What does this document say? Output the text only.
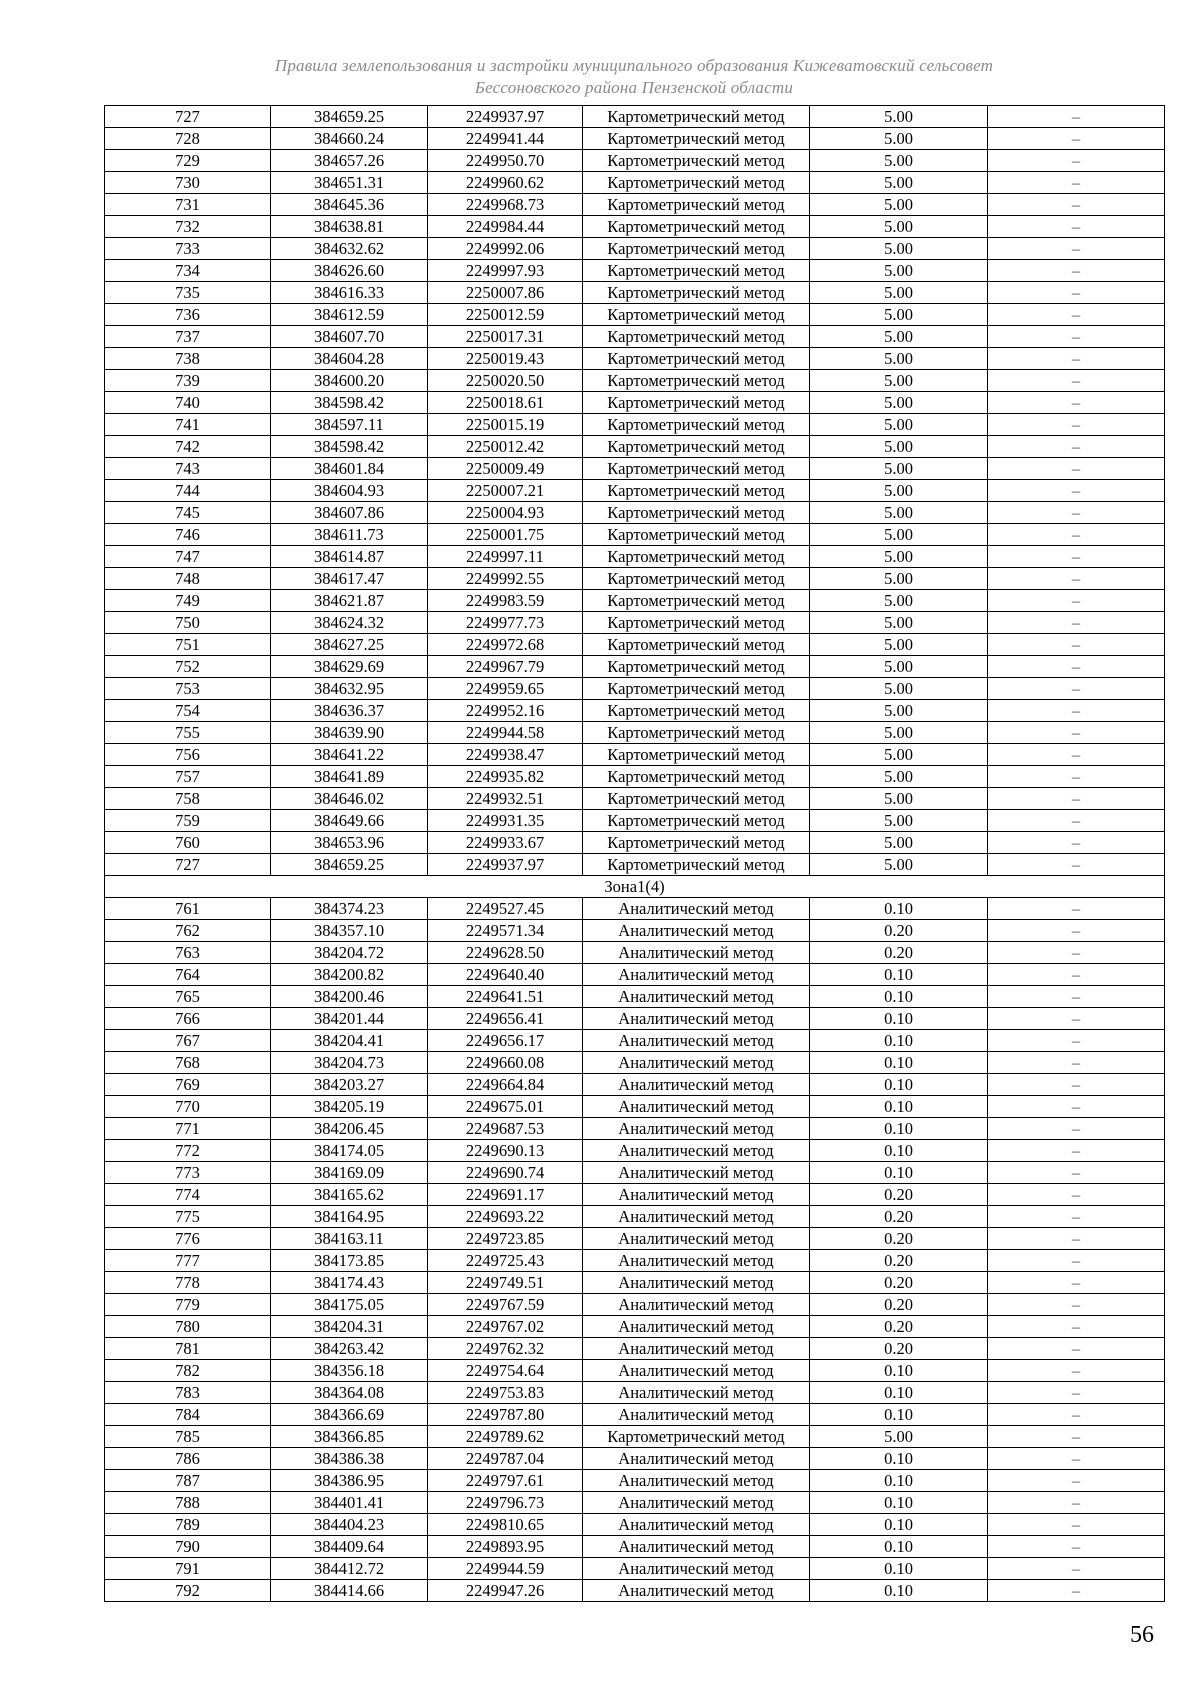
Правила землепользования и застройки муниципального образования Кижеватовский сельсовет
Бессоновского района Пензенской области
727	384659.25	2249937.97	Картометрический метод	5.00	–
728	384660.24	2249941.44	Картометрический метод	5.00	–
729	384657.26	2249950.70	Картометрический метод	5.00	–
730	384651.31	2249960.62	Картометрический метод	5.00	–
731	384645.36	2249968.73	Картометрический метод	5.00	–
732	384638.81	2249984.44	Картометрический метод	5.00	–
733	384632.62	2249992.06	Картометрический метод	5.00	–
734	384626.60	2249997.93	Картометрический метод	5.00	–
735	384616.33	2250007.86	Картометрический метод	5.00	–
736	384612.59	2250012.59	Картометрический метод	5.00	–
737	384607.70	2250017.31	Картометрический метод	5.00	–
738	384604.28	2250019.43	Картометрический метод	5.00	–
739	384600.20	2250020.50	Картометрический метод	5.00	–
740	384598.42	2250018.61	Картометрический метод	5.00	–
741	384597.11	2250015.19	Картометрический метод	5.00	–
742	384598.42	2250012.42	Картометрический метод	5.00	–
743	384601.84	2250009.49	Картометрический метод	5.00	–
744	384604.93	2250007.21	Картометрический метод	5.00	–
745	384607.86	2250004.93	Картометрический метод	5.00	–
746	384611.73	2250001.75	Картометрический метод	5.00	–
747	384614.87	2249997.11	Картометрический метод	5.00	–
748	384617.47	2249992.55	Картометрический метод	5.00	–
749	384621.87	2249983.59	Картометрический метод	5.00	–
750	384624.32	2249977.73	Картометрический метод	5.00	–
751	384627.25	2249972.68	Картометрический метод	5.00	–
752	384629.69	2249967.79	Картометрический метод	5.00	–
753	384632.95	2249959.65	Картометрический метод	5.00	–
754	384636.37	2249952.16	Картометрический метод	5.00	–
755	384639.90	2249944.58	Картометрический метод	5.00	–
756	384641.22	2249938.47	Картометрический метод	5.00	–
757	384641.89	2249935.82	Картометрический метод	5.00	–
758	384646.02	2249932.51	Картометрический метод	5.00	–
759	384649.66	2249931.35	Картометрический метод	5.00	–
760	384653.96	2249933.67	Картометрический метод	5.00	–
727	384659.25	2249937.97	Картометрический метод	5.00	–
Зона1(4)					
761	384374.23	2249527.45	Аналитический метод	0.10	–
762	384357.10	2249571.34	Аналитический метод	0.20	–
763	384204.72	2249628.50	Аналитический метод	0.20	–
764	384200.82	2249640.40	Аналитический метод	0.10	–
765	384200.46	2249641.51	Аналитический метод	0.10	–
766	384201.44	2249656.41	Аналитический метод	0.10	–
767	384204.41	2249656.17	Аналитический метод	0.10	–
768	384204.73	2249660.08	Аналитический метод	0.10	–
769	384203.27	2249664.84	Аналитический метод	0.10	–
770	384205.19	2249675.01	Аналитический метод	0.10	–
771	384206.45	2249687.53	Аналитический метод	0.10	–
772	384174.05	2249690.13	Аналитический метод	0.10	–
773	384169.09	2249690.74	Аналитический метод	0.10	–
774	384165.62	2249691.17	Аналитический метод	0.20	–
775	384164.95	2249693.22	Аналитический метод	0.20	–
776	384163.11	2249723.85	Аналитический метод	0.20	–
777	384173.85	2249725.43	Аналитический метод	0.20	–
778	384174.43	2249749.51	Аналитический метод	0.20	–
779	384175.05	2249767.59	Аналитический метод	0.20	–
780	384204.31	2249767.02	Аналитический метод	0.20	–
781	384263.42	2249762.32	Аналитический метод	0.20	–
782	384356.18	2249754.64	Аналитический метод	0.10	–
783	384364.08	2249753.83	Аналитический метод	0.10	–
784	384366.69	2249787.80	Аналитический метод	0.10	–
785	384366.85	2249789.62	Картометрический метод	5.00	–
786	384386.38	2249787.04	Аналитический метод	0.10	–
787	384386.95	2249797.61	Аналитический метод	0.10	–
788	384401.41	2249796.73	Аналитический метод	0.10	–
789	384404.23	2249810.65	Аналитический метод	0.10	–
790	384409.64	2249893.95	Аналитический метод	0.10	–
791	384412.72	2249944.59	Аналитический метод	0.10	–
792	384414.66	2249947.26	Аналитический метод	0.10	–
56
